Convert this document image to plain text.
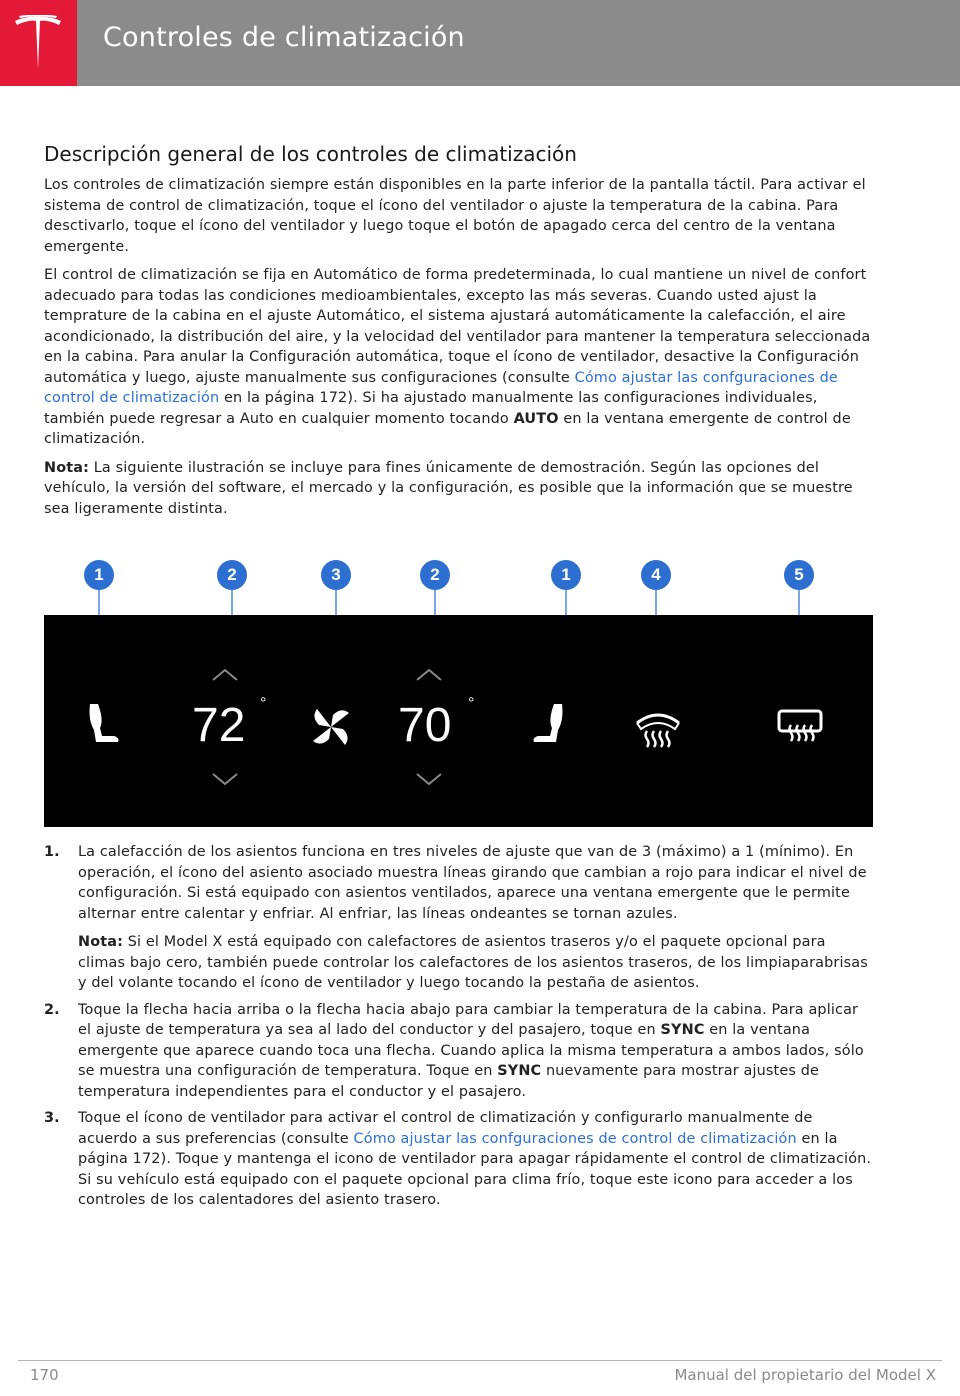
Controles de climatización
Descripción general de los controles de climatización

Los controles de climatización siempre están disponibles en la parte inferior de la pantalla táctil. Para activar el sistema de control de climatización, toque el ícono del ventilador o ajuste la temperatura de la cabina. Para desctivarlo, toque el ícono del ventilador y luego toque el botón de apagado cerca del centro de la ventana emergente.

El control de climatización se fija en Automático de forma predeterminada, lo cual mantiene un nivel de confort adecuado para todas las condiciones medioambientales, excepto las más severas. Cuando usted ajust la temprature de la cabina en el ajuste Automático, el sistema ajustará automáticamente la calefacción, el aire acondicionado, la distribución del aire, y la velocidad del ventilador para mantener la temperatura seleccionada en la cabina. Para anular la Configuración automática, toque el ícono de ventilador, desactive la Configuración automática y luego, ajuste manualmente sus configuraciones (consulte Cómo ajustar las confguraciones de control de climatización en la página 172). Si ha ajustado manualmente las configuraciones individuales, también puede regresar a Auto en cualquier momento tocando AUTO en la ventana emergente de control de climatización.

Nota: La siguiente ilustración se incluye para fines únicamente de demostración. Según las opciones del vehículo, la versión del software, el mercado y la configuración, es posible que la información que se muestre sea ligeramente distinta.

1	2	3	2	1	4	5
72 °	70 °
1. La calefacción de los asientos funciona en tres niveles de ajuste que van de 3 (máximo) a 1 (mínimo). En operación, el ícono del asiento asociado muestra líneas girando que cambian a rojo para indicar el nivel de configuración. Si está equipado con asientos ventilados, aparece una ventana emergente que le permite alternar entre calentar y enfriar. Al enfriar, las líneas ondeantes se tornan azules.
Nota: Si el Model X está equipado con calefactores de asientos traseros y/o el paquete opcional para climas bajo cero, también puede controlar los calefactores de los asientos traseros, de los limpiaparabrisas y del volante tocando el ícono de ventilador y luego tocando la pestaña de asientos.
2. Toque la flecha hacia arriba o la flecha hacia abajo para cambiar la temperatura de la cabina. Para aplicar el ajuste de temperatura ya sea al lado del conductor y del pasajero, toque en SYNC en la ventana emergente que aparece cuando toca una flecha. Cuando aplica la misma temperatura a ambos lados, sólo se muestra una configuración de temperatura. Toque en SYNC nuevamente para mostrar ajustes de temperatura independientes para el conductor y el pasajero.
3. Toque el ícono de ventilador para activar el control de climatización y configurarlo manualmente de acuerdo a sus preferencias (consulte Cómo ajustar las confguraciones de control de climatización en la página 172). Toque y mantenga el icono de ventilador para apagar rápidamente el control de climatización. Si su vehículo está equipado con el paquete opcional para clima frío, toque este icono para acceder a los controles de los calentadores del asiento trasero.
170	Manual del propietario del Model X
